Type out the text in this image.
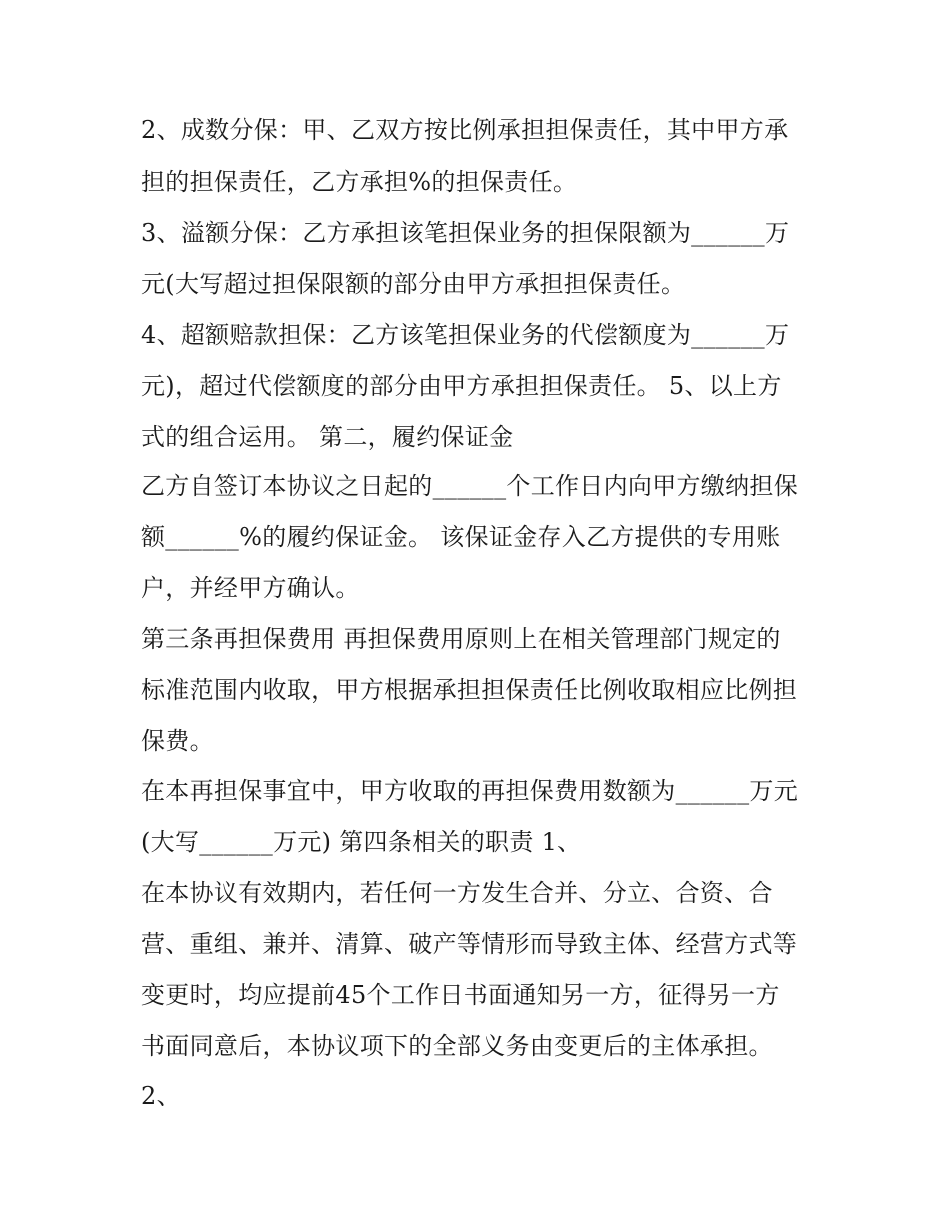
2、成数分保：甲、乙双方按比例承担担保责任，其中甲方承
担的担保责任，乙方承担%的担保责任。
3、溢额分保：乙方承担该笔担保业务的担保限额为______万
元(大写超过担保限额的部分由甲方承担担保责任。
4、超额赔款担保：乙方该笔担保业务的代偿额度为______万
元)，超过代偿额度的部分由甲方承担担保责任。 5、以上方
式的组合运用。 第二，履约保证金
乙方自签订本协议之日起的______个工作日内向甲方缴纳担保
额______%的履约保证金。 该保证金存入乙方提供的专用账
户，并经甲方确认。
第三条再担保费用 再担保费用原则上在相关管理部门规定的
标准范围内收取，甲方根据承担担保责任比例收取相应比例担
保费。
在本再担保事宜中，甲方收取的再担保费用数额为______万元
(大写______万元) 第四条相关的职责 1、
在本协议有效期内，若任何一方发生合并、分立、合资、合
营、重组、兼并、清算、破产等情形而导致主体、经营方式等
变更时，均应提前45个工作日书面通知另一方，征得另一方
书面同意后，本协议项下的全部义务由变更后的主体承担。
2、
